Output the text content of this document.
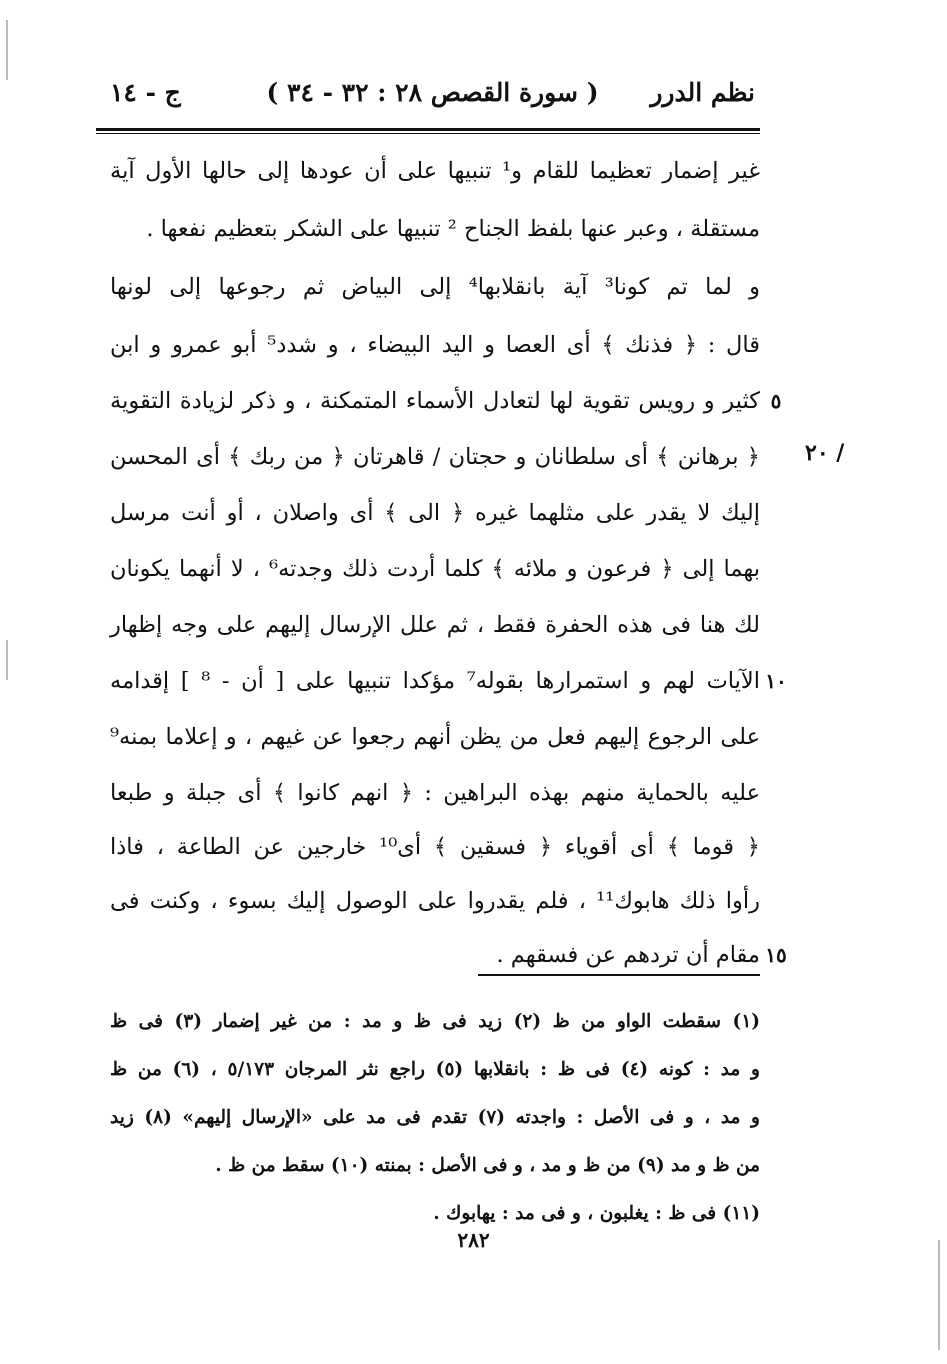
نظم الدرر
( سورة القصص ٢٨ : ٣٢ - ٣٤ )
ج - ١٤
غير إضمار تعظيما للقام و¹ تنبيها على أن عودها إلى حالها الأول آية
مستقلة ، وعبر عنها بلفظ الجناح ² تنبيها على الشكر بتعظيم نفعها .
و لما تم كونا³ آية بانقلابها⁴ إلى البياض ثم رجوعها إلى لونها
قال : ﴿ فذنك ﴾ أى العصا و اليد البيضاء ، و شدد⁵ أبو عمرو و ابن
كثير و رويس تقوية لها لتعادل الأسماء المتمكنة ، و ذكر لزيادة التقوية ٥
﴿ برهانن ﴾ أى سلطانان و حجتان / قاهرتان ﴿ من ربك ﴾ أى المحسن ٢٠ /
إليك لا يقدر على مثلهما غيره ﴿ الى ﴾ أى واصلان ، أو أنت مرسل
بهما إلى ﴿ فرعون و ملائه ﴾ كلما أردت ذلك وجدته⁶ ، لا أنهما يكونان
لك هنا فى هذه الحفرة فقط ، ثم علل الإرسال إليهم على وجه إظهار
الآيات لهم و استمرارها بقوله⁷ مؤكدا تنبيها على [ أن - ⁸ ] إقدامه ١٠
على الرجوع إليهم فعل من يظن أنهم رجعوا عن غيهم ، و إعلاما بمنه⁹
عليه بالحماية منهم بهذه البراهين : ﴿ انهم كانوا ﴾ أى جبلة و طبعا
﴿ قوما ﴾ أى أقوياء ﴿ فسقين ﴾ أى¹⁰ خارجين عن الطاعة ، فاذا
رأوا ذلك هابوك¹¹ ، فلم يقدروا على الوصول إليك بسوء ، وكنت فى
مقام أن تردهم عن فسقهم . ١٥
(١) سقطت الواو من ظ (٢) زيد فى ظ و مد : من غير إضمار (٣) فى ظ
و مد : كونه (٤) فى ظ : بانقلابها (٥) راجع نثر المرجان ٥/١٧٣ ، (٦) من ظ
و مد ، و فى الأصل : واجدته (٧) تقدم فى مد على «الإرسال إليهم» (٨) زيد
من ظ و مد (٩) من ظ و مد ، و فى الأصل : بمنته (١٠) سقط من ظ .
(١١) فى ظ : يغلبون ، و فى مد : يهابوك .
٢٨٢
